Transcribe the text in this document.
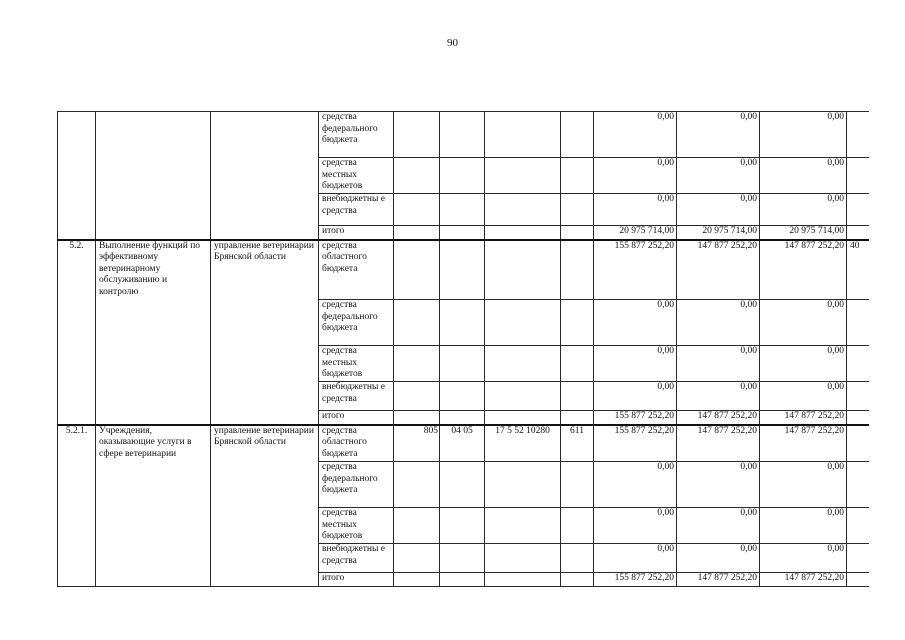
90
			средства федерального бюджета					0,00	0,00	0,00	
			средства местных бюджетов					0,00	0,00	0,00	
			внебюджетны е средства					0,00	0,00	0,00	
			итого					20 975 714,00	20 975 714,00	20 975 714,00	
5.2.	Выполнение функций по эффективному ветеринарному обслуживанию и контролю	управление ветеринарии Брянской области	средства областного бюджета					155 877 252,20	147 877 252,20	147 877 252,20	40
			средства федерального бюджета					0,00	0,00	0,00	
			средства местных бюджетов					0,00	0,00	0,00	
			внебюджетны е средства					0,00	0,00	0,00	
			итого					155 877 252,20	147 877 252,20	147 877 252,20	
5.2.1.	Учреждения, оказывающие услуги в сфере ветеринарии	управление ветеринарии Брянской области	средства областного бюджета	805	04 05	17 5 52 10280	611	155 877 252,20	147 877 252,20	147 877 252,20	
			средства федерального бюджета					0,00	0,00	0,00	
			средства местных бюджетов					0,00	0,00	0,00	
			внебюджетны е средства					0,00	0,00	0,00	
			итого					155 877 252,20	147 877 252,20	147 877 252,20	
